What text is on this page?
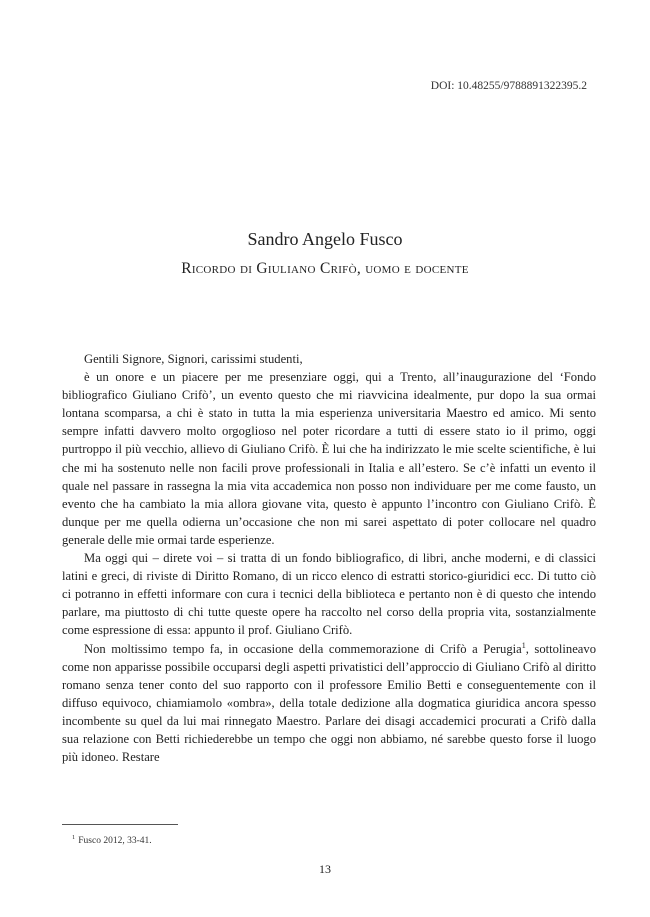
DOI: 10.48255/9788891322395.2
Sandro Angelo Fusco
Ricordo di Giuliano Crifò, uomo e docente

Gentili Signore, Signori, carissimi studenti,

è un onore e un piacere per me presenziare oggi, qui a Trento, all’inaugurazione del ‘Fondo bibliografico Giuliano Crifò’, un evento questo che mi riavvicina idealmente, pur dopo la sua ormai lontana scomparsa, a chi è stato in tutta la mia esperienza universitaria Maestro ed amico. Mi sento sempre infatti davvero molto orgoglioso nel poter ricordare a tutti di essere stato io il primo, oggi purtroppo il più vecchio, allievo di Giuliano Crifò. È lui che ha indirizzato le mie scelte scientifiche, è lui che mi ha sostenuto nelle non facili prove professionali in Italia e all’estero. Se c’è infatti un evento il quale nel passare in rassegna la mia vita accademica non posso non individuare per me come fausto, un evento che ha cambiato la mia allora giovane vita, questo è appunto l’incontro con Giuliano Crifò. È dunque per me quella odierna un’occasione che non mi sarei aspettato di poter collocare nel quadro generale delle mie ormai tarde esperienze.

Ma oggi qui – direte voi – si tratta di un fondo bibliografico, di libri, anche moderni, e di classici latini e greci, di riviste di Diritto Romano, di un ricco elenco di estratti storico-giuridici ecc. Di tutto ciò ci potranno in effetti informare con cura i tecnici della biblioteca e pertanto non è di questo che intendo parlare, ma piuttosto di chi tutte queste opere ha raccolto nel corso della propria vita, sostanzialmente come espressione di essa: appunto il prof. Giuliano Crifò.

Non moltissimo tempo fa, in occasione della commemorazione di Crifò a Perugia$^1$, sottolineavo come non apparisse possibile occuparsi degli aspetti privatistici dell’approccio di Giuliano Crifò al diritto romano senza tener conto del suo rapporto con il professore Emilio Betti e conseguentemente con il diffuso equivoco, chiamiamolo «ombra», della totale dedizione alla dogmatica giuridica ancora spesso incombente su quel da lui mai rinnegato Maestro. Parlare dei disagi accademici procurati a Crifò dalla sua relazione con Betti richiederebbe un tempo che oggi non abbiamo, né sarebbe questo forse il luogo più idoneo. Restare

$^1$ Fusco 2012, 33-41.
13
